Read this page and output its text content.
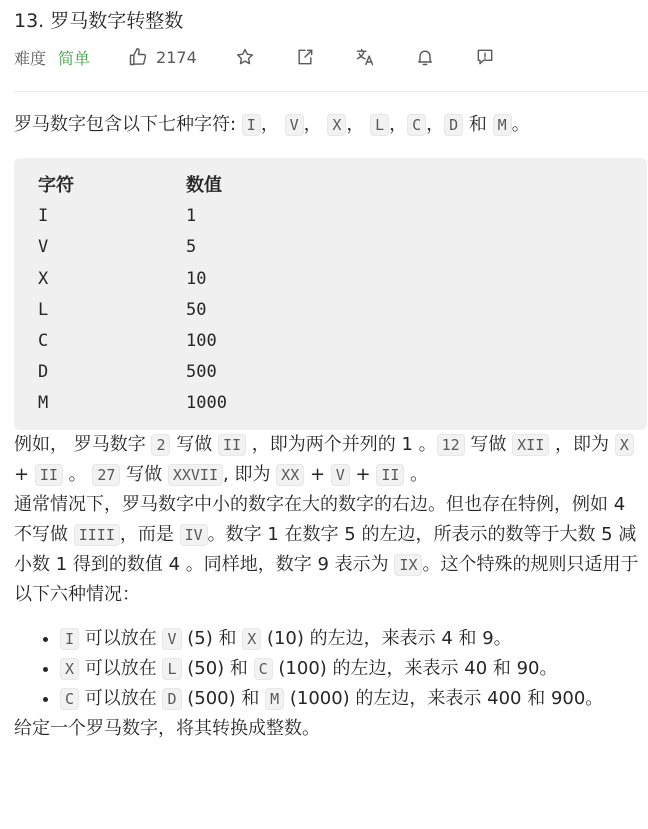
13. 罗马数字转整数
难度 简单	2174

罗马数字包含以下七种字符: I ， V ， X ， L ， C ， D 和 M 。

字符	数值
I	1
V	5
X	10
L	50
C	100
D	500
M	1000

例如， 罗马数字 2 写做 II ，即为两个并列的 1 。 12 写做 XII ，即为 X + II 。 27 写做 XXVII , 即为 XX + V + II 。

通常情况下，罗马数字中小的数字在大的数字的右边。但也存在特例，例如 4 不写做 IIII ，而是 IV 。数字 1 在数字 5 的左边，所表示的数等于大数 5 减小数 1 得到的数值 4 。同样地，数字 9 表示为 IX 。这个特殊的规则只适用于以下六种情况：

• I 可以放在 V (5) 和 X (10) 的左边，来表示 4 和 9。
• X 可以放在 L (50) 和 C (100) 的左边，来表示 40 和 90。
• C 可以放在 D (500) 和 M (1000) 的左边，来表示 400 和 900。

给定一个罗马数字，将其转换成整数。
